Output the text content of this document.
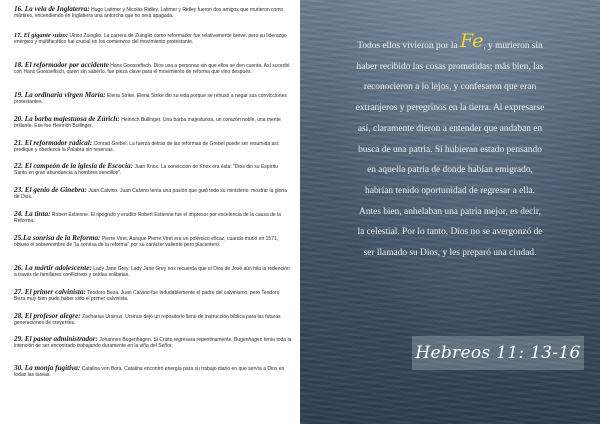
16. La vela de Inglaterra: Hugo Latimer y Nicolás Ridley. Latimer y Ridley fueron dos amigos que murieron como mártires, encendiendo en Inglaterra una antorcha que no será apagada.
17. El gigante suizo: Ulrico Zuinglio. La carrera de Zuinglio como reformador fue relativamente breve, pero su liderazgo enérgico y multifacético fue crucial en los comienzos del movimiento protestante.
18. El reformador por accidente Hans Goossefisch. Dios usa a personas sin que ellos se den cuenta. Así sucedió con Hans Goossefisch, quien sin saberlo, fue pieza clave para el movimiento de reforma que vino después.
19. La ordinaria virgen María: Elena Strike. Elena Strike dio su vida porque se rehusó a negar sus convicciones protestantes.
20. La barba majestuosa de Zúrich: Heinrich Bullinger. Una barba majestuosa, un corazón noble, una mente brillante. Ese fue Heinrich Bullinger.
21. El reformador radical: Conrad Grebel. La fuerza detrás de las reformas de Grebel puede ser resumida así: predique y obedezca la Palabra sin reservas.
22. El campeón de la iglesia de Escocia: Juan Knox. La convicción de Knox era ésta: "Dios dio su Espíritu Santo en gran abundancia a hombres sencillos".
23. El genio de Ginebra: Juan Calvino. Juan Calvino tenía una pasión que guió todo su ministerio: mostrar la gloria de Dios.
24. La tinta: Robert Estienne. El tipógrafo y erudito Robert Estienne fue el impresor por excelencia de la causa de la Reforma.
25.La sonrisa de la Reforma: Pierre Viret. Aunque Pierre Viret era un polémico eficaz, cuando murió en 1571, obtuvo el sobrenombre de "la sonrisa de la reforma" por su carácter valiente pero placentero.
26. La mártir adolescente: Lady Jane Grey. Lady Jane Grey nos recuerda que el Dios de José aún hila la redención a través de familiares conflictivos y celdas solitarias.
27. El primer calvinista: Teodoro Beza. Juan Calvino fue indudablemente el padre del calvinismo, pero Teodoro Beza muy bien pudo haber sido el primer calvinista.
28. El profesor alegre: Zacharius Ursinus. Ursinus dejó un repositorio lleno de instrucción bíblica para las futuras generaciones de creyentes.
29. El pastor administrador: Johannes Bugenhagen. Si Cristo regresara repentinamente, Bugenhagen tenía toda la intención de ser encontrado trabajando duramente en la viña del Señor.
30. La monja fugitiva: Catalina von Bora. Catalina encontró energía para su trabajo diario en que servía a Dios en todas las tareas.
Todos ellos vivieron por la Fe, y murieron sin
haber recibido las cosas prometidas; más bien, las
reconocieron a lo lejos, y confesaron que eran
extranjeros y peregrinos en la tierra. Al expresarse
así, claramente dieron a entender que andaban en
busca de una patria. Si hubieran estado pensando
en aquella patria de donde habían emigrado,
habrían tenido oportunidad de regresar a ella.
Antes bien, anhelaban una patria mejor, es decir,
la celestial. Por lo tanto, Dios no se avergonzó de
ser llamado su Dios, y les preparó una ciudad.
Hebreos 11: 13-16
